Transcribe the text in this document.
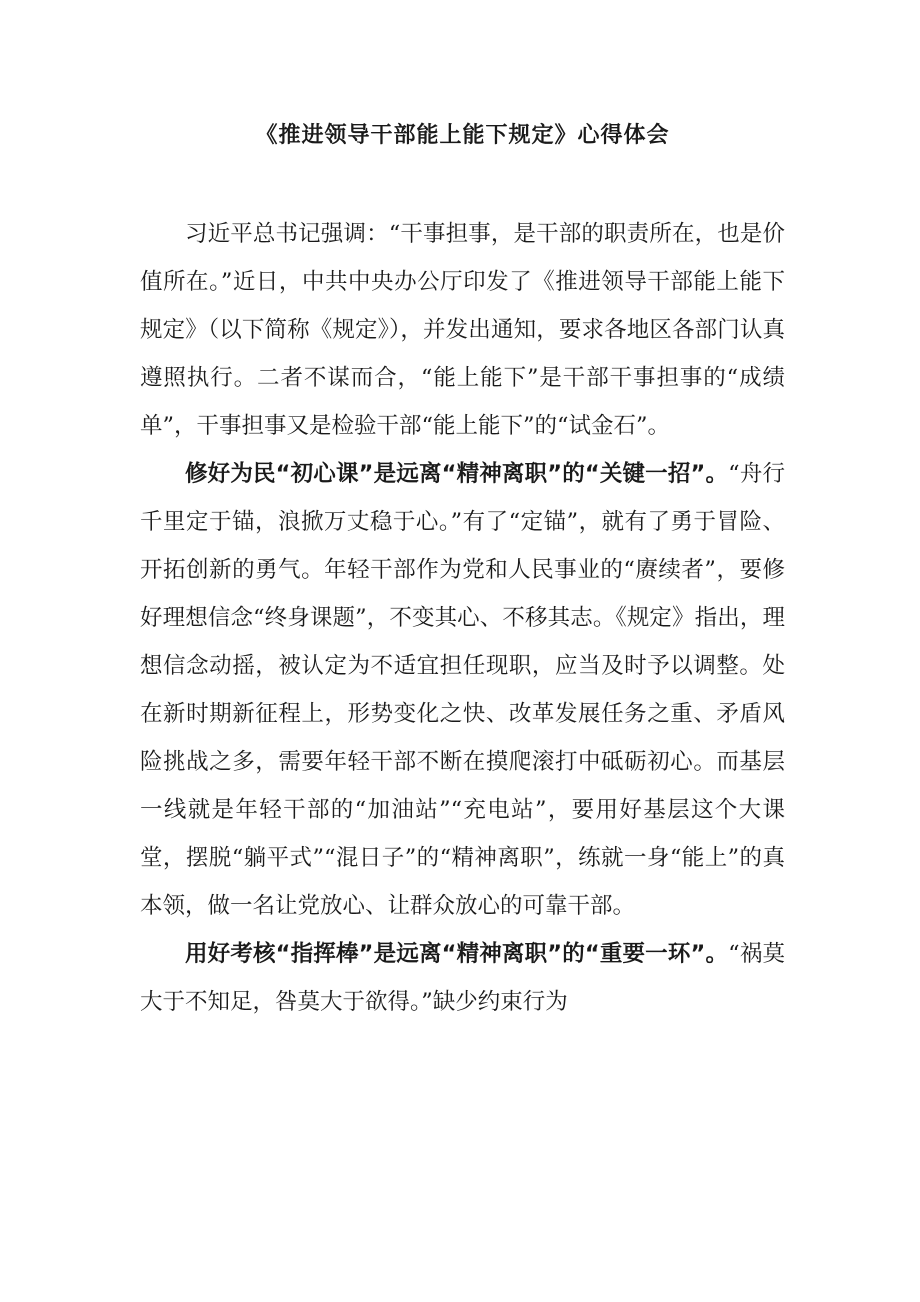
《推进领导干部能上能下规定》心得体会

习近平总书记强调：“干事担事，是干部的职责所在，也是价值所在。”近日，中共中央办公厅印发了《推进领导干部能上能下规定》（以下简称《规定》），并发出通知，要求各地区各部门认真遵照执行。二者不谋而合，“能上能下”是干部干事担事的“成绩单”，干事担事又是检验干部“能上能下”的“试金石”。

修好为民“初心课”是远离“精神离职”的“关键一招”。“舟行千里定于锚，浪掀万丈稳于心。”有了“定锚”，就有了勇于冒险、开拓创新的勇气。年轻干部作为党和人民事业的“赓续者”，要修好理想信念“终身课题”，不变其心、不移其志。《规定》指出，理想信念动摇，被认定为不适宜担任现职，应当及时予以调整。处在新时期新征程上，形势变化之快、改革发展任务之重、矛盾风险挑战之多，需要年轻干部不断在摸爬滚打中砥砺初心。而基层一线就是年轻干部的“加油站”“充电站”，要用好基层这个大课堂，摆脱“躺平式”“混日子”的“精神离职”，练就一身“能上”的真本领，做一名让党放心、让群众放心的可靠干部。

用好考核“指挥棒”是远离“精神离职”的“重要一环”。“祸莫大于不知足，咎莫大于欲得。”缺少约束行为
